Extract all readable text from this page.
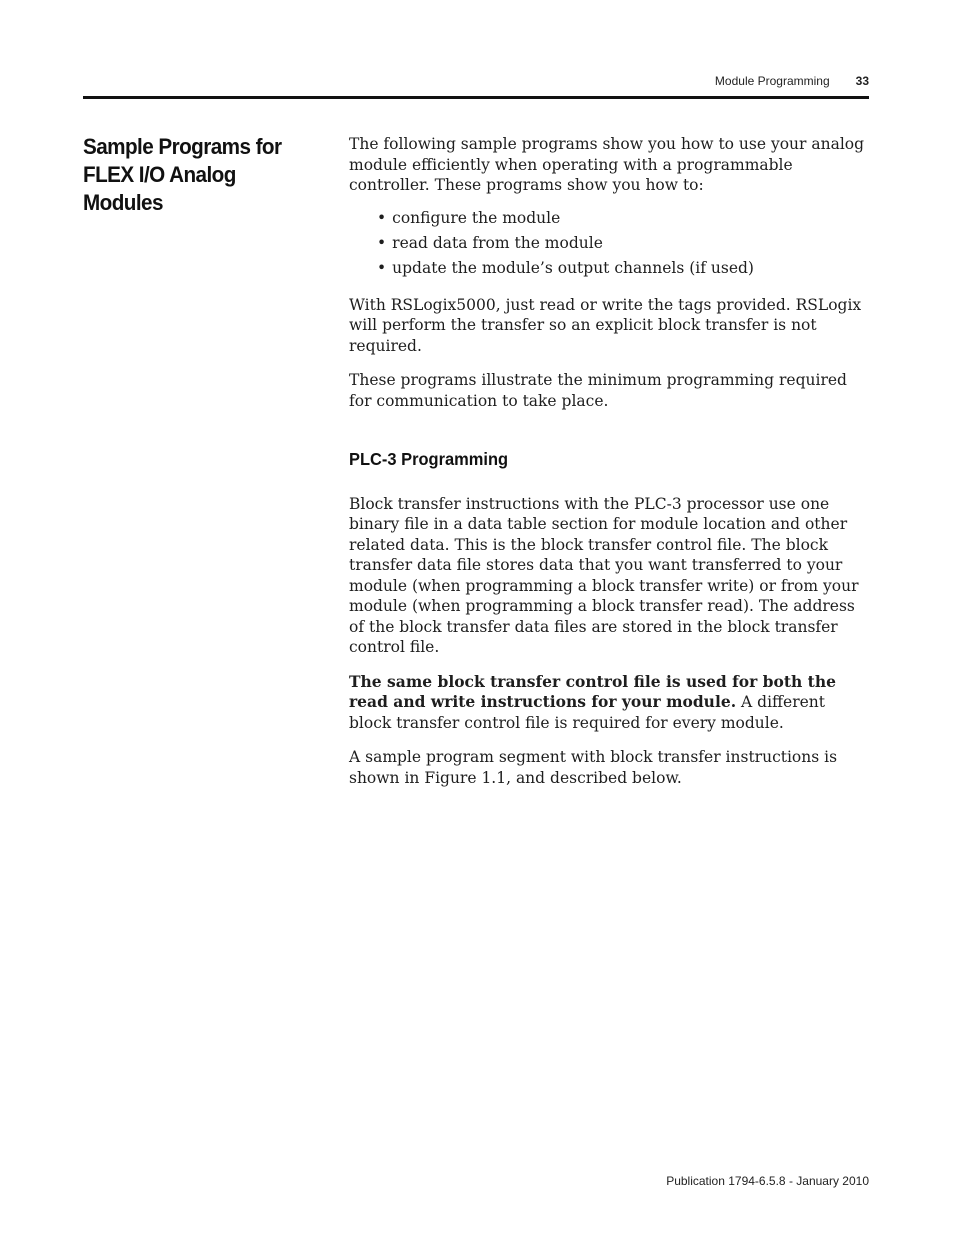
Module Programming 33
Sample Programs for FLEX I/O Analog Modules

The following sample programs show you how to use your analog module efficiently when operating with a programmable controller. These programs show you how to:

• configure the module
• read data from the module
• update the module’s output channels (if used)

With RSLogix5000, just read or write the tags provided. RSLogix will perform the transfer so an explicit block transfer is not required.

These programs illustrate the minimum programming required for communication to take place.

PLC-3 Programming

Block transfer instructions with the PLC-3 processor use one binary file in a data table section for module location and other related data. This is the block transfer control file. The block transfer data file stores data that you want transferred to your module (when programming a block transfer write) or from your module (when programming a block transfer read). The address of the block transfer data files are stored in the block transfer control file.

The same block transfer control file is used for both the read and write instructions for your module. A different block transfer control file is required for every module.

A sample program segment with block transfer instructions is shown in Figure 1.1, and described below.

Publication 1794-6.5.8 - January 2010
